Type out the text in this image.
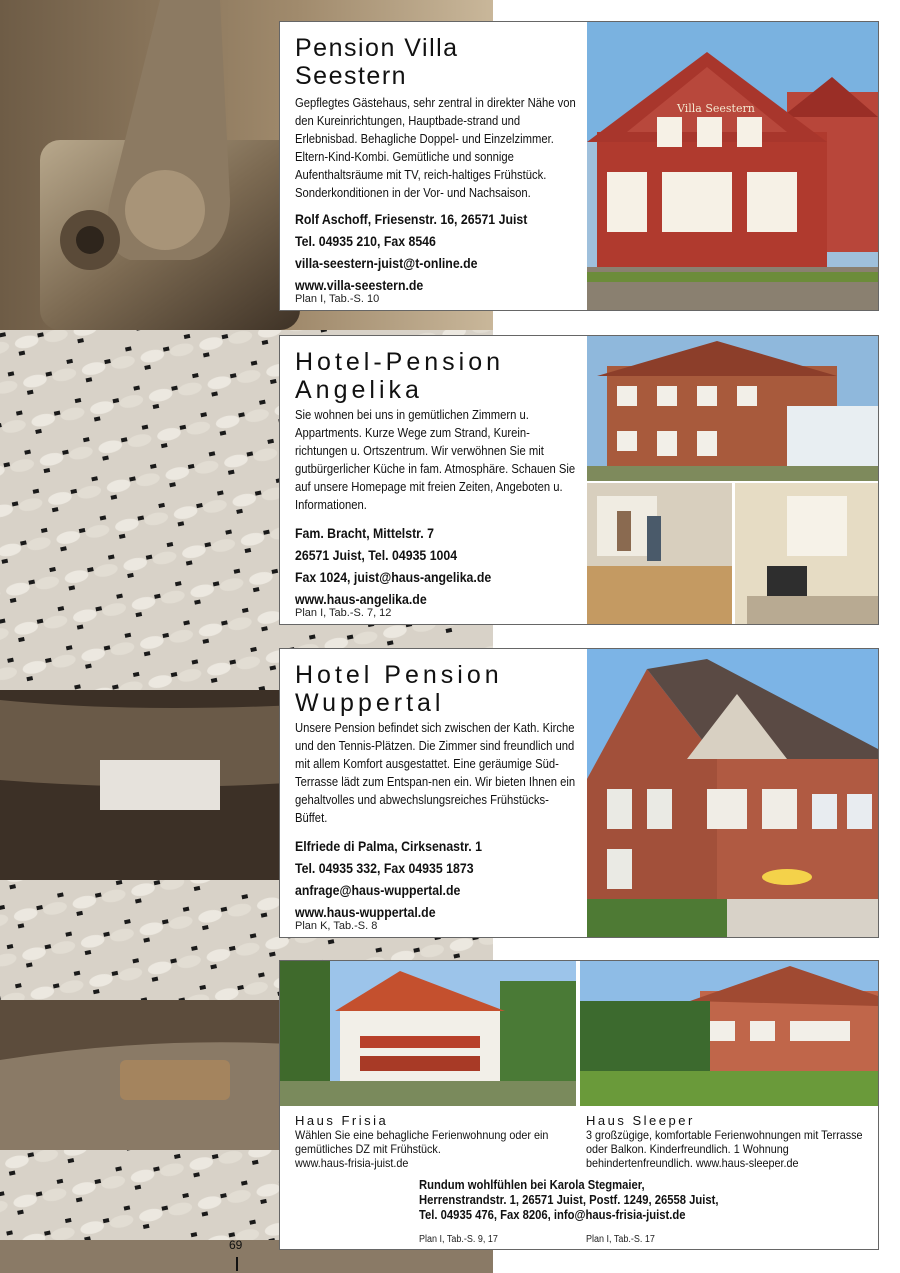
Pension Villa Seestern
Gepflegtes Gästehaus, sehr zentral in direkter Nähe von den Kureinrichtungen, Hauptbade-strand und Erlebnisbad. Behagliche Doppel- und Einzelzimmer. Eltern-Kind-Kombi. Gemütliche und sonnige Aufenthaltsräume mit TV, reich-haltiges Frühstück. Sonderkonditionen in der Vor- und Nachsaison.
Rolf Aschoff, Friesenstr. 16, 26571 Juist
Tel. 04935 210, Fax 8546
villa-seestern-juist@t-online.de
www.villa-seestern.de
Plan I, Tab.-S. 10
Villa Seestern
Hotel-Pension Angelika
Sie wohnen bei uns in gemütlichen Zimmern u. Appartments. Kurze Wege zum Strand, Kurein-richtungen u. Ortszentrum. Wir verwöhnen Sie mit gutbürgerlicher Küche in fam. Atmosphäre. Schauen Sie auf unsere Homepage mit freien Zeiten, Angeboten u. Informationen.
Fam. Bracht, Mittelstr. 7
26571 Juist, Tel. 04935 1004
Fax 1024, juist@haus-angelika.de
www.haus-angelika.de
Plan I, Tab.-S. 7, 12
Hotel Pension Wuppertal
Unsere Pension befindet sich zwischen der Kath. Kirche und den Tennis-Plätzen. Die Zimmer sind freundlich und mit allem Komfort ausgestattet. Eine geräumige Süd-Terrasse lädt zum Entspan-nen ein. Wir bieten Ihnen ein gehaltvolles und abwechslungsreiches Frühstücks-Büffet.
Elfriede di Palma, Cirksenastr. 1
Tel. 04935 332, Fax 04935 1873
anfrage@haus-wuppertal.de
www.haus-wuppertal.de
Plan K, Tab.-S. 8
Haus Frisia
Wählen Sie eine behagliche Ferienwohnung oder ein gemütliches DZ mit Frühstück.
www.haus-frisia-juist.de
Haus Sleeper
3 großzügige, komfortable Ferienwohnungen mit Terrasse oder Balkon. Kinderfreundlich. 1 Wohnung behindertenfreundlich. www.haus-sleeper.de
Rundum wohlfühlen bei Karola Stegmaier,
Herrenstrandstr. 1, 26571 Juist, Postf. 1249, 26558 Juist,
Tel. 04935 476, Fax 8206, info@haus-frisia-juist.de
Plan I, Tab.-S. 9, 17	Plan I, Tab.-S. 17
69
